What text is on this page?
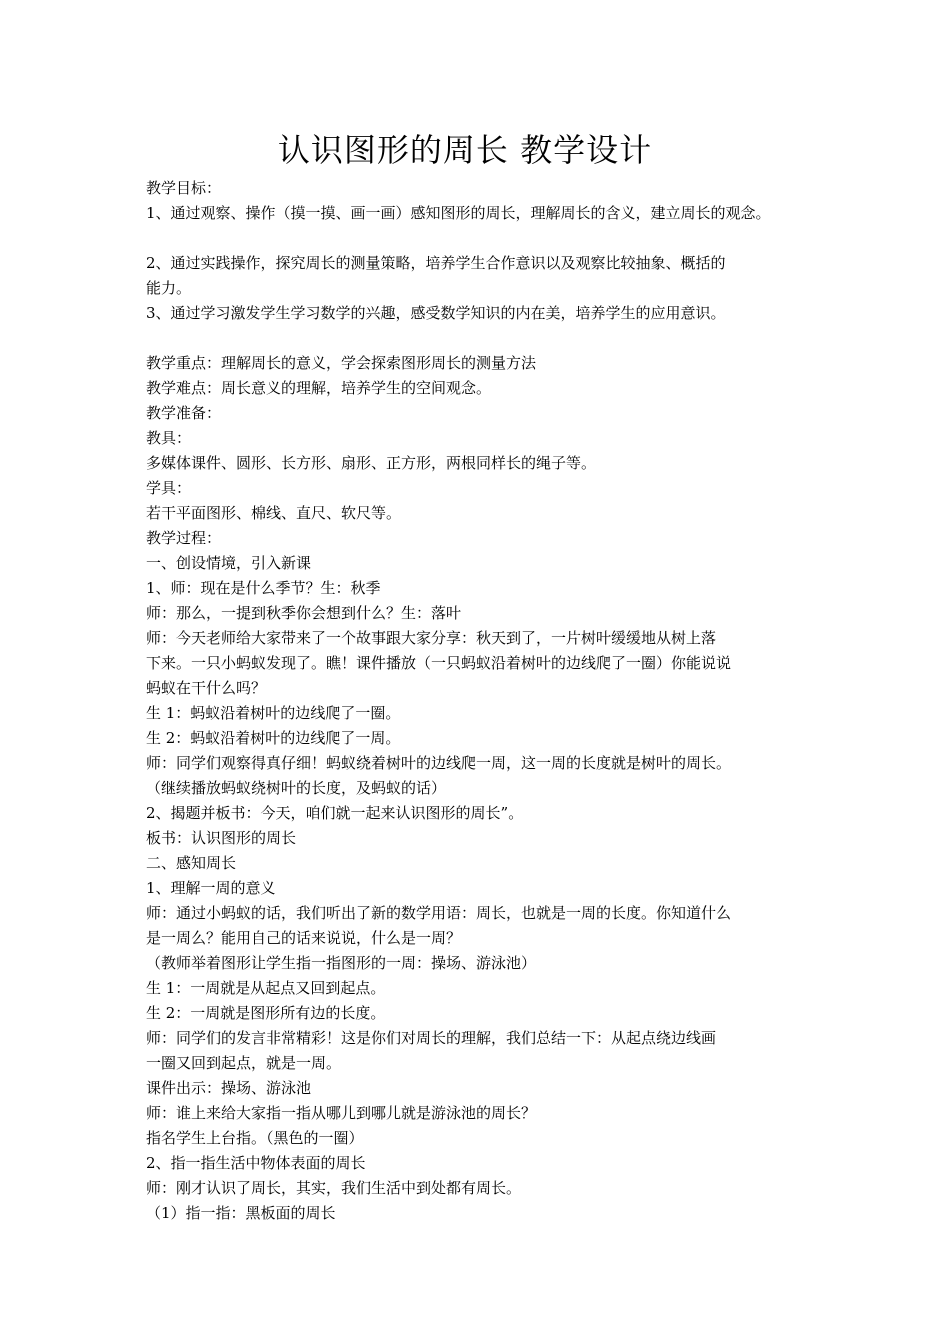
认识图形的周长 教学设计
教学目标：
1、通过观察、操作（摸一摸、画一画）感知图形的周长，理解周长的含义，建立周长的观念。
2、通过实践操作，探究周长的测量策略，培养学生合作意识以及观察比较抽象、概括的
能力。
3、通过学习激发学生学习数学的兴趣，感受数学知识的内在美，培养学生的应用意识。
教学重点：理解周长的意义，学会探索图形周长的测量方法
教学难点：周长意义的理解，培养学生的空间观念。
教学准备：
教具：
多媒体课件、圆形、长方形、扇形、正方形，两根同样长的绳子等。
学具：
若干平面图形、棉线、直尺、软尺等。
教学过程：
一、创设情境，引入新课
1、师：现在是什么季节？生：秋季
师：那么，一提到秋季你会想到什么？生：落叶
师：今天老师给大家带来了一个故事跟大家分享：秋天到了，一片树叶缓缓地从树上落
下来。一只小蚂蚁发现了。瞧！课件播放（一只蚂蚁沿着树叶的边线爬了一圈）你能说说
蚂蚁在干什么吗？
生 1：蚂蚁沿着树叶的边线爬了一圈。
生 2：蚂蚁沿着树叶的边线爬了一周。
师：同学们观察得真仔细！蚂蚁绕着树叶的边线爬一周，这一周的长度就是树叶的周长。
（继续播放蚂蚁绕树叶的长度，及蚂蚁的话）
2、揭题并板书：今天，咱们就一起来认识图形的周长”。
板书：认识图形的周长
二、感知周长
1、理解一周的意义
师：通过小蚂蚁的话，我们听出了新的数学用语：周长，也就是一周的长度。你知道什么
是一周么？能用自己的话来说说，什么是一周？
（教师举着图形让学生指一指图形的一周：操场、游泳池）
生 1：一周就是从起点又回到起点。
生 2：一周就是图形所有边的长度。
师：同学们的发言非常精彩！这是你们对周长的理解，我们总结一下：从起点绕边线画
一圈又回到起点，就是一周。
课件出示：操场、游泳池
师：谁上来给大家指一指从哪儿到哪儿就是游泳池的周长？
指名学生上台指。（黑色的一圈）
2、指一指生活中物体表面的周长
师：刚才认识了周长，其实，我们生活中到处都有周长。
（1）指一指：黑板面的周长
